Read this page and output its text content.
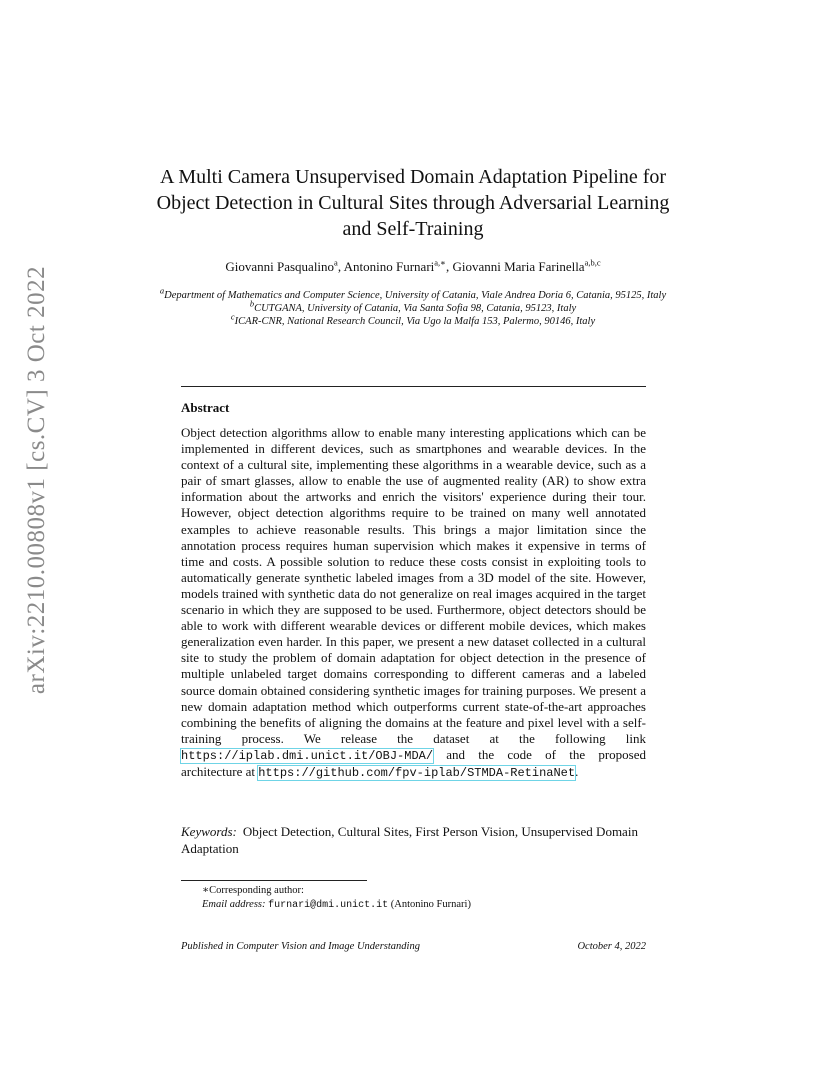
arXiv:2210.00808v1 [cs.CV] 3 Oct 2022
A Multi Camera Unsupervised Domain Adaptation Pipeline for Object Detection in Cultural Sites through Adversarial Learning and Self-Training
Giovanni Pasqualino$^a$, Antonino Furnari$^{a,∗}$, Giovanni Maria Farinella$^{a,b,c}$
$^a$Department of Mathematics and Computer Science, University of Catania, Viale Andrea Doria 6, Catania, 95125, Italy
$^b$CUTGANA, University of Catania, Via Santa Sofia 98, Catania, 95123, Italy
$^c$ICAR-CNR, National Research Council, Via Ugo la Malfa 153, Palermo, 90146, Italy
Abstract

Object detection algorithms allow to enable many interesting applications which can be implemented in different devices, such as smartphones and wearable devices. In the context of a cultural site, implementing these algorithms in a wearable device, such as a pair of smart glasses, allow to enable the use of augmented reality (AR) to show extra information about the artworks and enrich the visitors' experience during their tour. However, object detection algorithms require to be trained on many well annotated examples to achieve reasonable results. This brings a major limitation since the annotation process requires human supervision which makes it expensive in terms of time and costs. A possible solution to reduce these costs consist in exploiting tools to automatically generate synthetic labeled images from a 3D model of the site. However, models trained with synthetic data do not generalize on real images acquired in the target scenario in which they are supposed to be used. Furthermore, object detectors should be able to work with different wearable devices or different mobile devices, which makes generalization even harder. In this paper, we present a new dataset collected in a cultural site to study the problem of domain adaptation for object detection in the presence of multiple unlabeled target domains corresponding to different cameras and a labeled source domain obtained considering synthetic images for training purposes. We present a new domain adaptation method which outperforms current state-of-the-art approaches combining the benefits of aligning the domains at the feature and pixel level with a self-training process. We release the dataset at the following link https://iplab.dmi.unict.it/OBJ-MDA/ and the code of the proposed architecture at https://github.com/fpv-iplab/STMDA-RetinaNet.

Keywords: Object Detection, Cultural Sites, First Person Vision, Unsupervised Domain Adaptation
∗Corresponding author:
Email address: furnari@dmi.unict.it (Antonino Furnari)
Published in Computer Vision and Image Understanding	October 4, 2022
